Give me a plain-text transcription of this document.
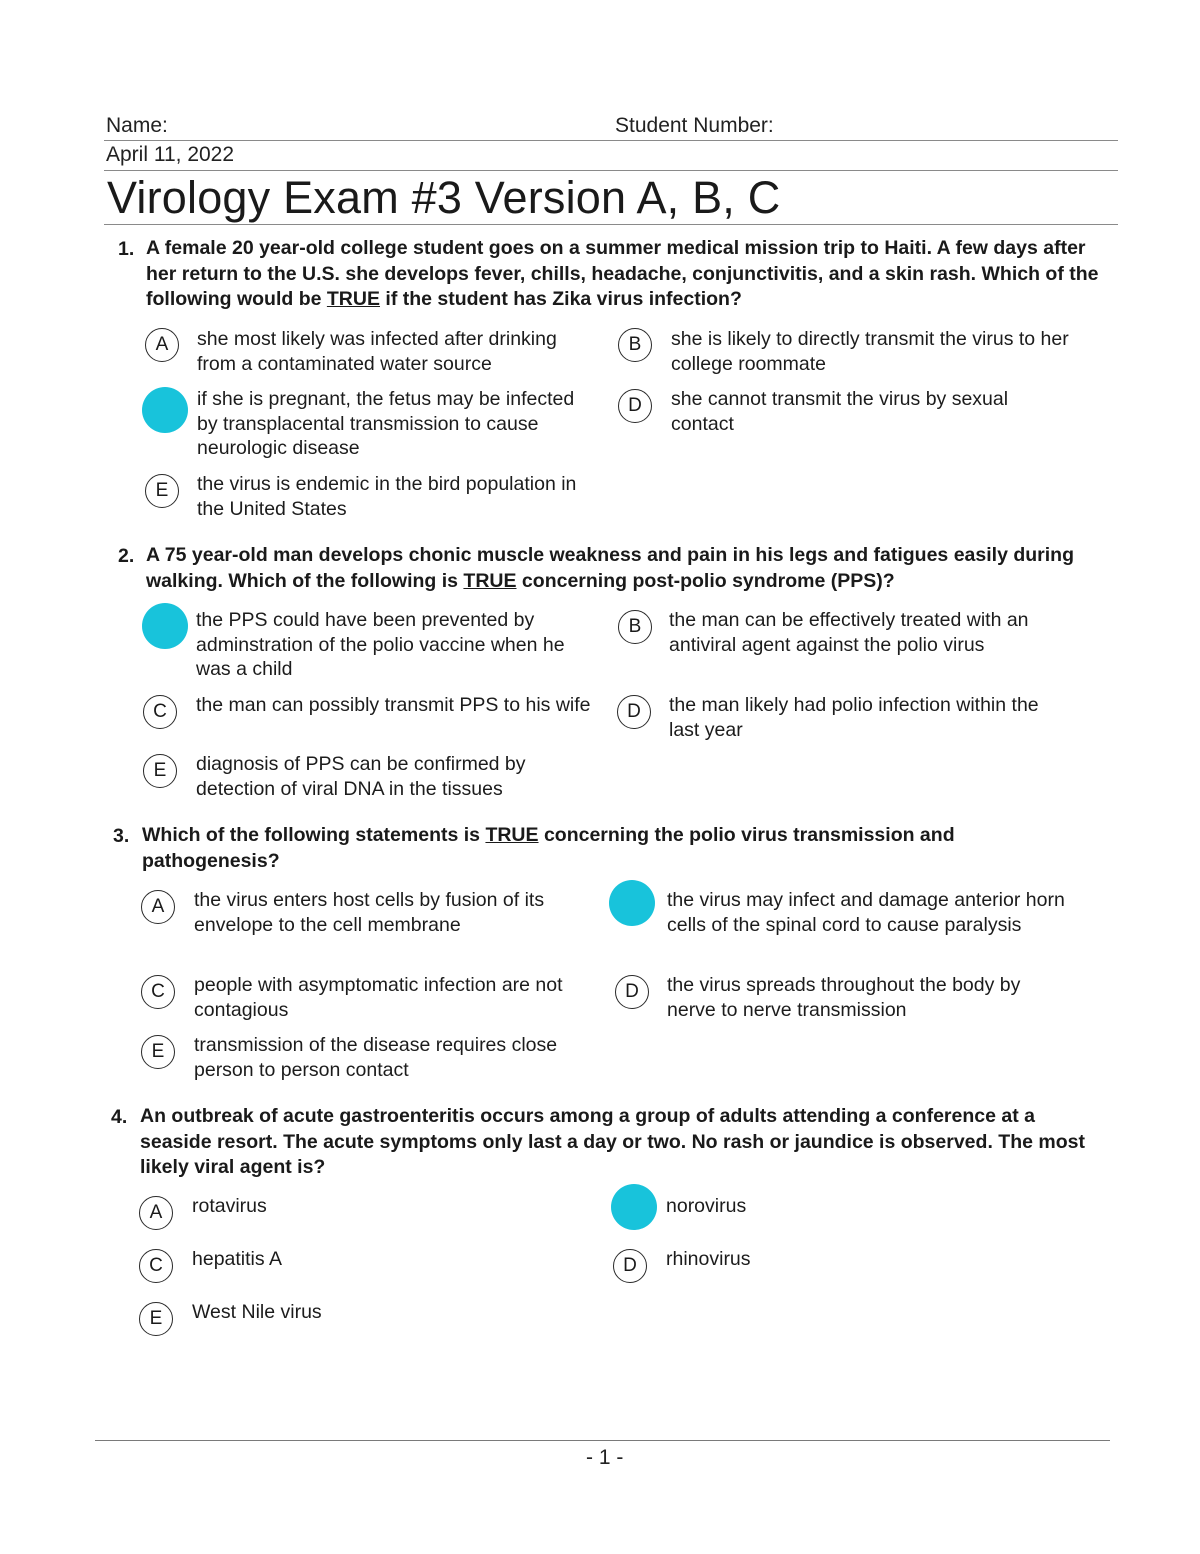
Name:	Student Number:
April 11, 2022
Virology Exam #3 Version A, B, C
1. A female 20 year-old college student goes on a summer medical mission trip to Haiti. A few days after her return to the U.S. she develops fever, chills, headache, conjunctivitis, and a skin rash. Which of the following would be TRUE if the student has Zika virus infection?
A	she most likely was infected after drinking from a contaminated water source
B	she is likely to directly transmit the virus to her college roommate
if she is pregnant, the fetus may be infected by transplacental transmission to cause neurologic disease
D	she cannot transmit the virus by sexual contact
E	the virus is endemic in the bird population in the United States
2. A 75 year-old man develops chonic muscle weakness and pain in his legs and fatigues easily during walking. Which of the following is TRUE concerning post-polio syndrome (PPS)?
the PPS could have been prevented by adminstration of the polio vaccine when he was a child
B	the man can be effectively treated with an antiviral agent against the polio virus
C	the man can possibly transmit PPS to his wife	D	the man likely had polio infection within the last year
E	diagnosis of PPS can be confirmed by detection of viral DNA in the tissues
3. Which of the following statements is TRUE concerning the polio virus transmission and pathogenesis?
A	the virus enters host cells by fusion of its envelope to the cell membrane
the virus may infect and damage anterior horn cells of the spinal cord to cause paralysis
C	people with asymptomatic infection are not contagious
D	the virus spreads throughout the body by nerve to nerve transmission
E	transmission of the disease requires close person to person contact
4. An outbreak of acute gastroenteritis occurs among a group of adults attending a conference at a seaside resort. The acute symptoms only last a day or two. No rash or jaundice is observed. The most likely viral agent is?
A	rotavirus	norovirus
C	hepatitis A	D	rhinovirus
E	West Nile virus
- 1 -
